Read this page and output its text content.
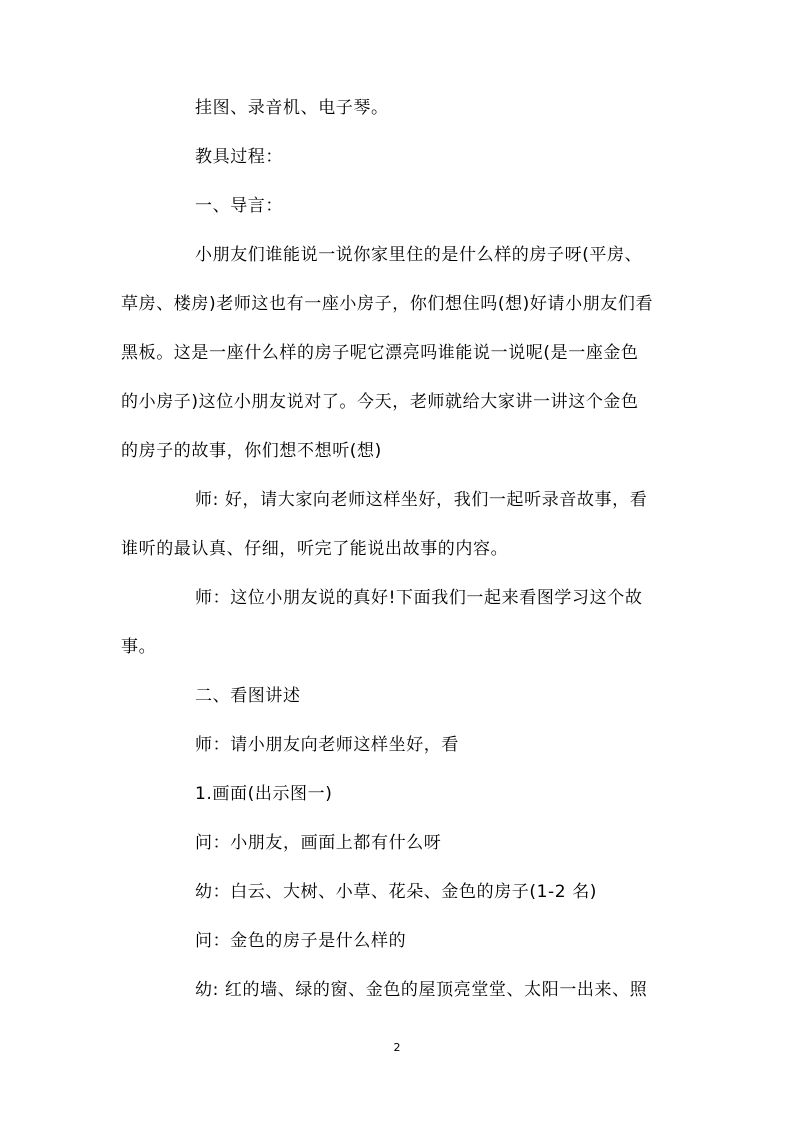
挂图、录音机、电子琴。
教具过程：
一、导言：
小朋友们谁能说一说你家里住的是什么样的房子呀(平房、
草房、楼房)老师这也有一座小房子，你们想住吗(想)好请小朋友们看
黑板。这是一座什么样的房子呢它漂亮吗谁能说一说呢(是一座金色
的小房子)这位小朋友说对了。今天，老师就给大家讲一讲这个金色
的房子的故事，你们想不想听(想)
师: 好，请大家向老师这样坐好，我们一起听录音故事，看
谁听的最认真、仔细，听完了能说出故事的内容。
师：这位小朋友说的真好!下面我们一起来看图学习这个故
事。
二、看图讲述
师：请小朋友向老师这样坐好，看
1.画面(出示图一)
问：小朋友，画面上都有什么呀
幼：白云、大树、小草、花朵、金色的房子(1-2 名)
问：金色的房子是什么样的
幼: 红的墙、绿的窗、金色的屋顶亮堂堂、太阳一出来、照
2
